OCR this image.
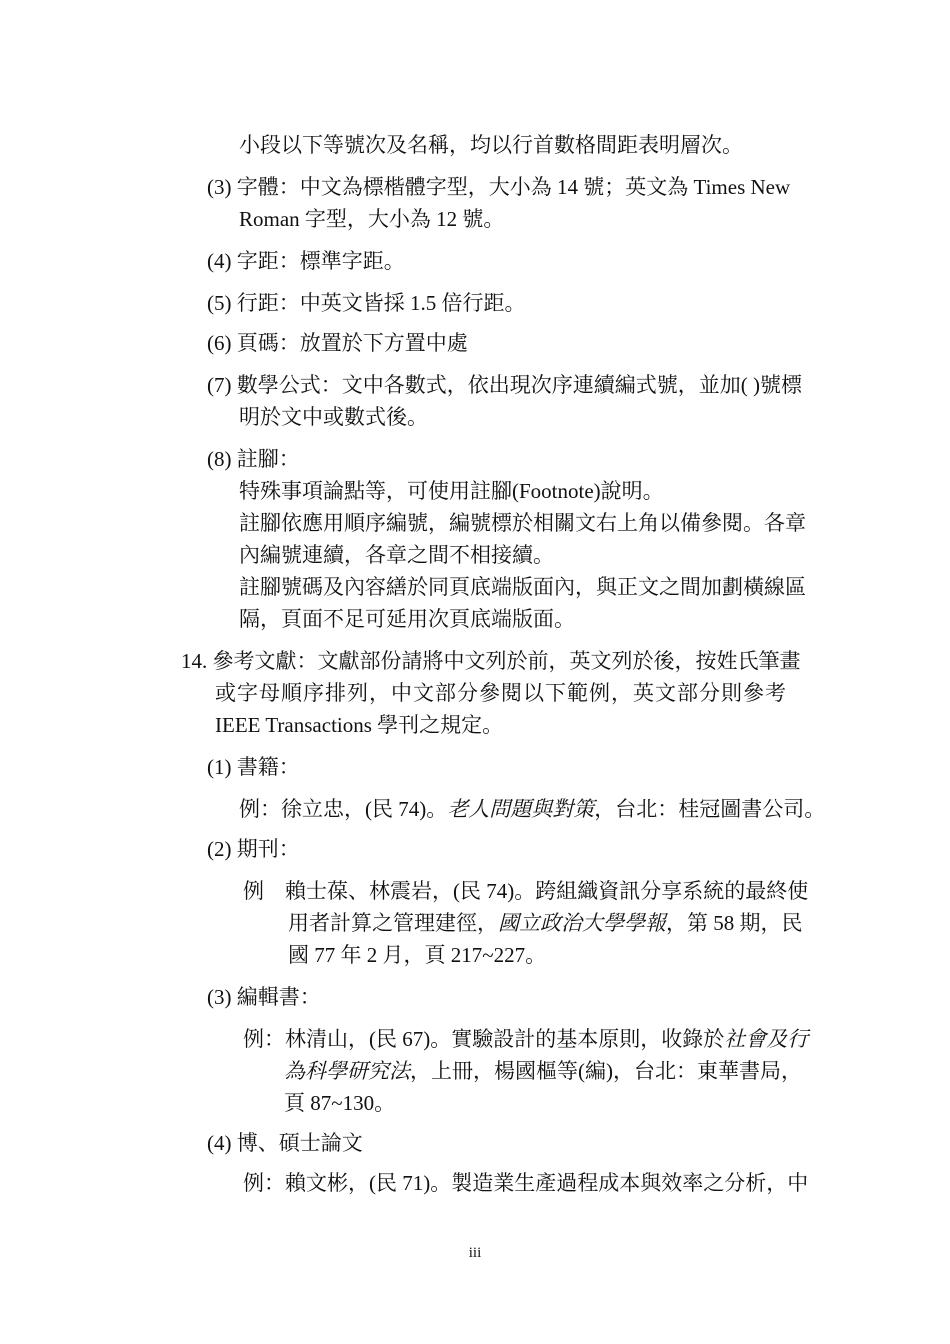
小段以下等號次及名稱，均以行首數格間距表明層次。
(3) 字體：中文為標楷體字型，大小為 14 號；英文為 Times New
Roman 字型，大小為 12 號。
(4) 字距：標準字距。
(5) 行距：中英文皆採 1.5 倍行距。
(6) 頁碼：放置於下方置中處
(7) 數學公式：文中各數式，依出現次序連續編式號，並加( )號標
明於文中或數式後。
(8) 註腳：
特殊事項論點等，可使用註腳(Footnote)說明。
註腳依應用順序編號，編號標於相關文右上角以備參閱。各章
內編號連續，各章之間不相接續。
註腳號碼及內容繕於同頁底端版面內，與正文之間加劃橫線區
隔，頁面不足可延用次頁底端版面。
14. 參考文獻：文獻部份請將中文列於前，英文列於後，按姓氏筆畫
或字母順序排列，中文部分參閱以下範例，英文部分則參考
IEEE Transactions 學刊之規定。
(1) 書籍：
例：徐立忠，(民 74)。老人問題與對策，台北：桂冠圖書公司。
(2) 期刊：
例　賴士葆、林震岩，(民 74)。跨組織資訊分享系統的最終使
用者計算之管理建徑，國立政治大學學報，第 58 期，民
國 77 年 2 月，頁 217~227。
(3) 編輯書：
例：林清山，(民 67)。實驗設計的基本原則，收錄於社會及行
為科學研究法，上冊，楊國樞等(編)，台北：東華書局，
頁 87~130。
(4) 博、碩士論文
例：賴文彬，(民 71)。製造業生產過程成本與效率之分析，中
iii
